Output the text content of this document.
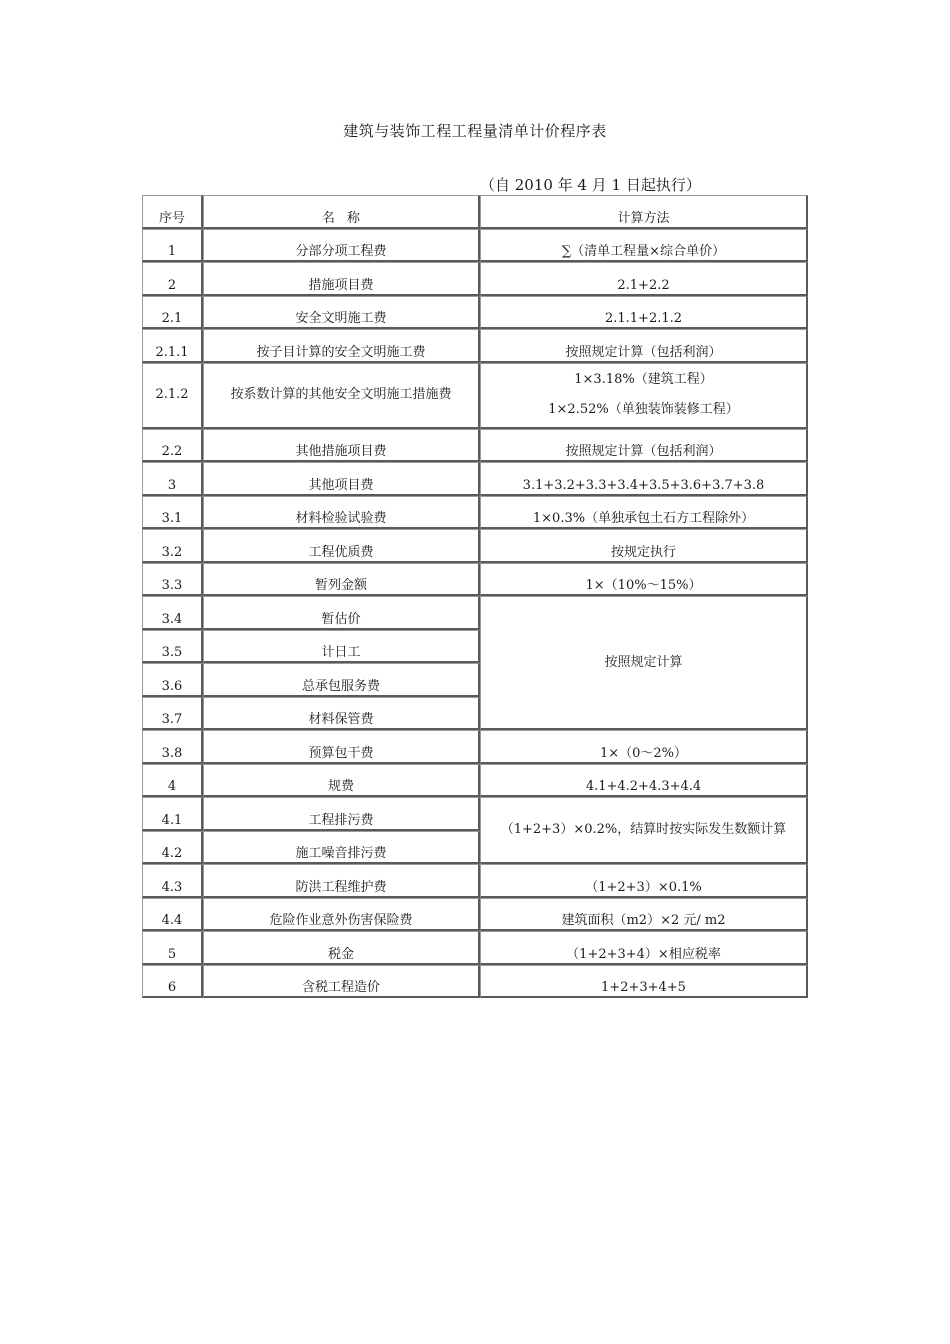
建筑与装饰工程工程量清单计价程序表
（自 2010 年 4 月 1 日起执行）
序号	名 称	计算方法
1	分部分项工程费	∑（清单工程量×综合单价）
2	措施项目费	2.1+2.2
2.1	安全文明施工费	2.1.1+2.1.2
2.1.1	按子目计算的安全文明施工费	按照规定计算（包括利润）
2.1.2	按系数计算的其他安全文明施工措施费	1×3.18%（建筑工程）
1×2.52%（单独装饰装修工程）

2.2	其他措施项目费	按照规定计算（包括利润）
3	其他项目费	3.1+3.2+3.3+3.4+3.5+3.6+3.7+3.8
3.1	材料检验试验费	1×0.3%（单独承包土石方工程除外）
3.2	工程优质费	按规定执行
3.3	暂列金额	1×（10%～15%）
3.4	暂估价	按照规定计算
3.5	计日工	
3.6	总承包服务费	
3.7	材料保管费	
3.8	预算包干费	1×（0～2%）
4	规费	4.1+4.2+4.3+4.4
4.1	工程排污费	（1+2+3）×0.2%，结算时按实际发生数额计算
4.2	施工噪音排污费	
4.3	防洪工程维护费	（1+2+3）×0.1%
4.4	危险作业意外伤害保险费	建筑面积（m2）×2 元/ m2
5	税金	（1+2+3+4）×相应税率
6	含税工程造价	1+2+3+4+5
